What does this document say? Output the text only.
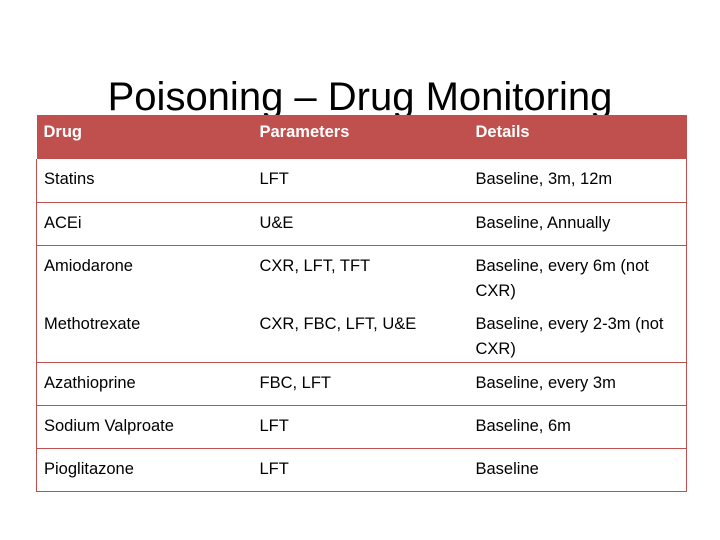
Poisoning – Drug Monitoring
Drug	Parameters	Details
Statins	LFT	Baseline, 3m, 12m
ACEi	U&E	Baseline, Annually
Amiodarone	CXR, LFT, TFT	Baseline, every 6m (not CXR)
Methotrexate	CXR, FBC, LFT, U&E	Baseline, every 2-3m (not CXR)
Azathioprine	FBC, LFT	Baseline, every 3m
Sodium Valproate	LFT	Baseline, 6m
Pioglitazone	LFT	Baseline
